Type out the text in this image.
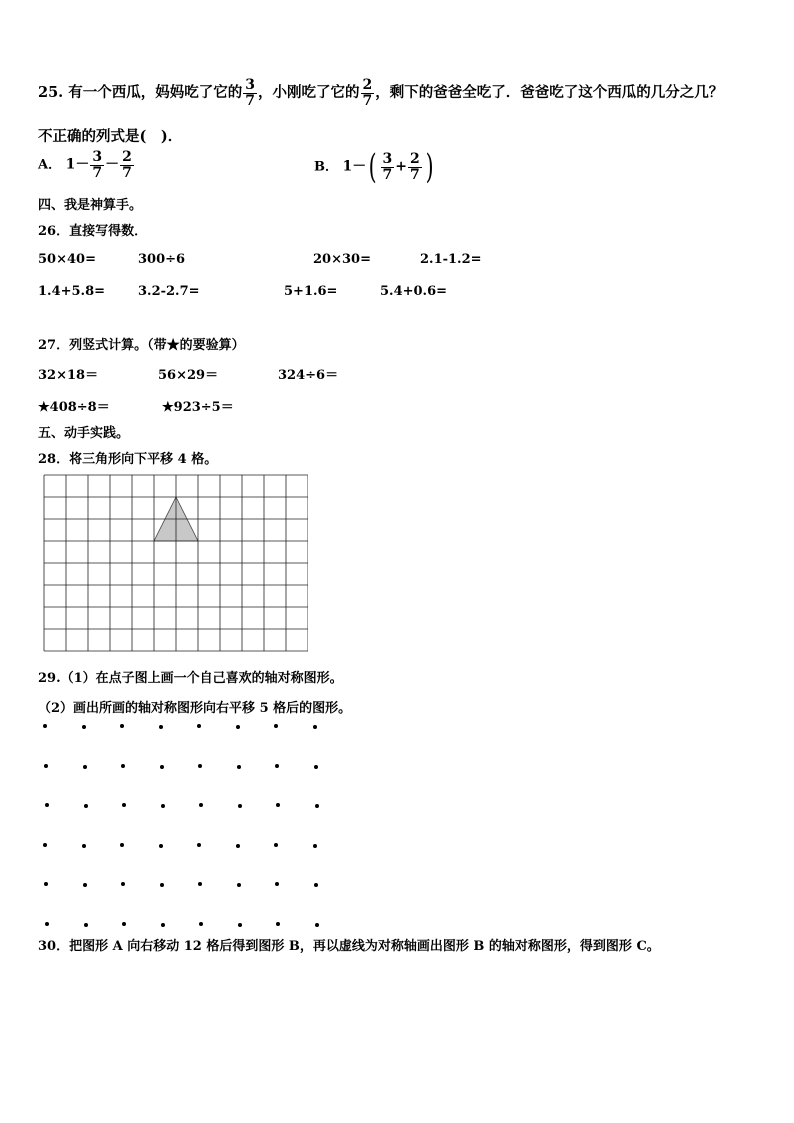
25. 有一个西瓜，妈妈吃了它的 $\frac{3}{7}$ ，小刚吃了它的 $\frac{2}{7}$ ，剩下的爸爸全吃了．爸爸吃了这个西瓜的几分之几？
不正确的列式是(　)．
A． $1- \frac{3}{7} - \frac{2}{7}$	B． $1-( \frac{3}{7} + \frac{2}{7}$ )
四、我是神算手。
26．直接写得数．
50×40=	300÷6	20×30=	2.1-1.2=
1.4+5.8=	3.2-2.7=	5+1.6=	5.4+0.6=
27．列竖式计算。（带★的要验算）
32×18＝	56×29＝	324÷6＝
★408÷8＝	★923÷5＝
五、动手实践。
28．将三角形向下平移 4 格。
29.（1）在点子图上画一个自己喜欢的轴对称图形。
（2）画出所画的轴对称图形向右平移 5 格后的图形。
30．把图形 A 向右移动 12 格后得到图形 B，再以虚线为对称轴画出图形 B 的轴对称图形，得到图形 C。
